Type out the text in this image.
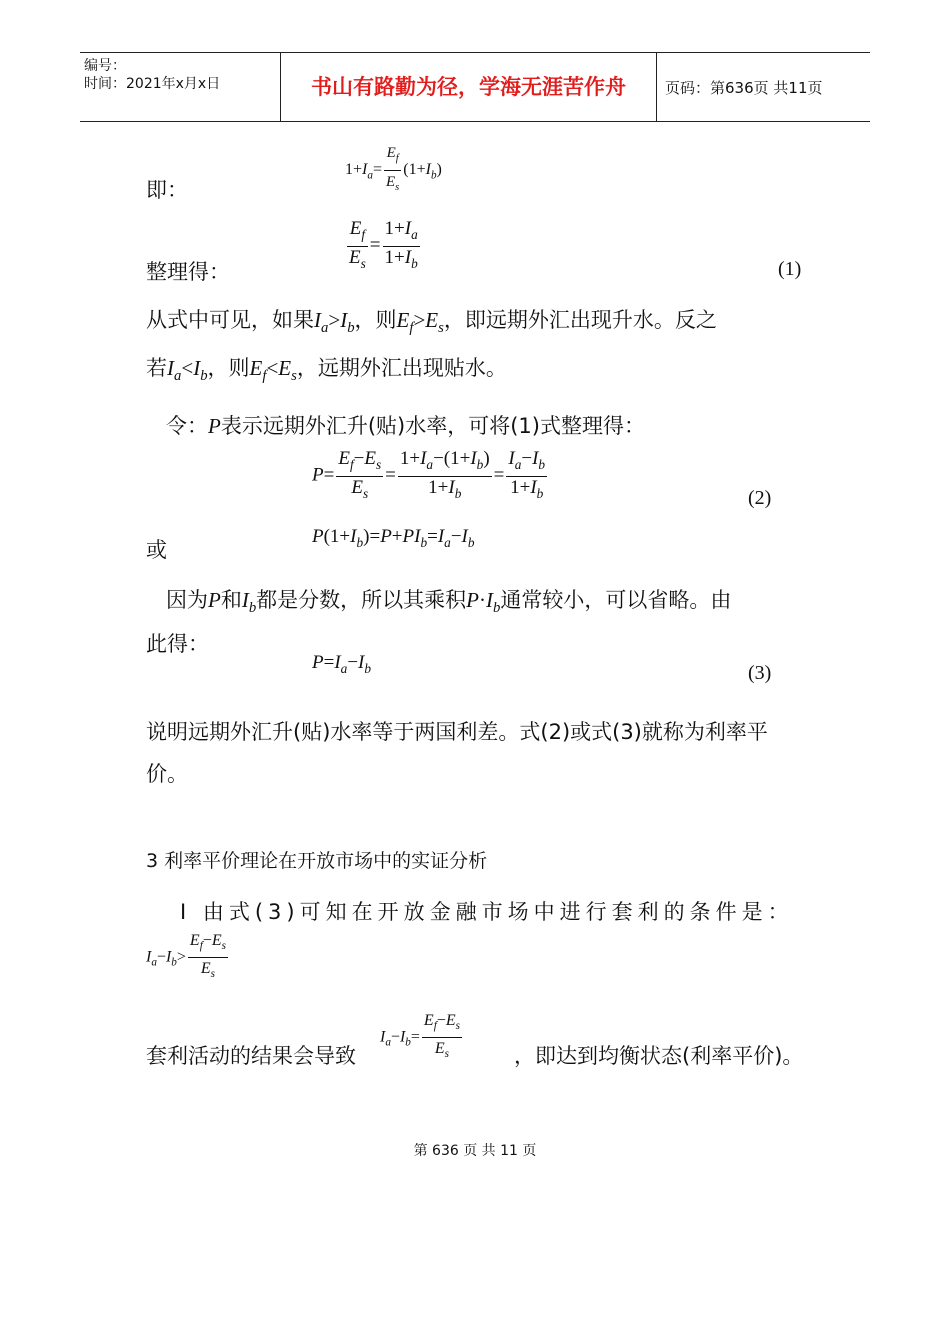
编号：
时间：2021年x月x日	书山有路勤为径，学海无涯苦作舟	页码：第636页 共11页
即：
$1+I_a= \frac{E_f}{E_s} (1+I_b)$
$\frac{E_f}{E_s} = \frac{1+I_a}{1+I_b}$
整理得：	(1)
从式中可见，如果$I_a>I_b$，则$E_f>E_s$，即远期外汇出现升水。反之
若$I_a<I_b$，则$E_f<E_s$，远期外汇出现贴水。
令：P表示远期外汇升(贴)水率，可将(1)式整理得：
$P= \frac{E_f-E_s}{E_s} = \frac{1+I_a-(1+I_b)}{1+I_b} = \frac{I_a-I_b}{1+I_b}$	(2)
$P(1+I_b)=P+PI_b=I_a-I_b$
或
因为P和$I_b$都是分数，所以其乘积$P\cdot I_b$通常较小，可以省略。由
此得：
$P=I_a-I_b$	(3)
说明远期外汇升(贴)水率等于两国利差。式(2)或式(3)就称为利率平
价。
3 利率平价理论在开放市场中的实证分析
Ⅰ 由式(3)可知在开放金融市场中进行套利的条件是：
$I_a-I_b> \frac{E_f-E_s}{E_s}$
套利活动的结果会导致
$I_a-I_b= \frac{E_f-E_s}{E_s}$ ，即达到均衡状态(利率平价)。
第 636 页 共 11 页
